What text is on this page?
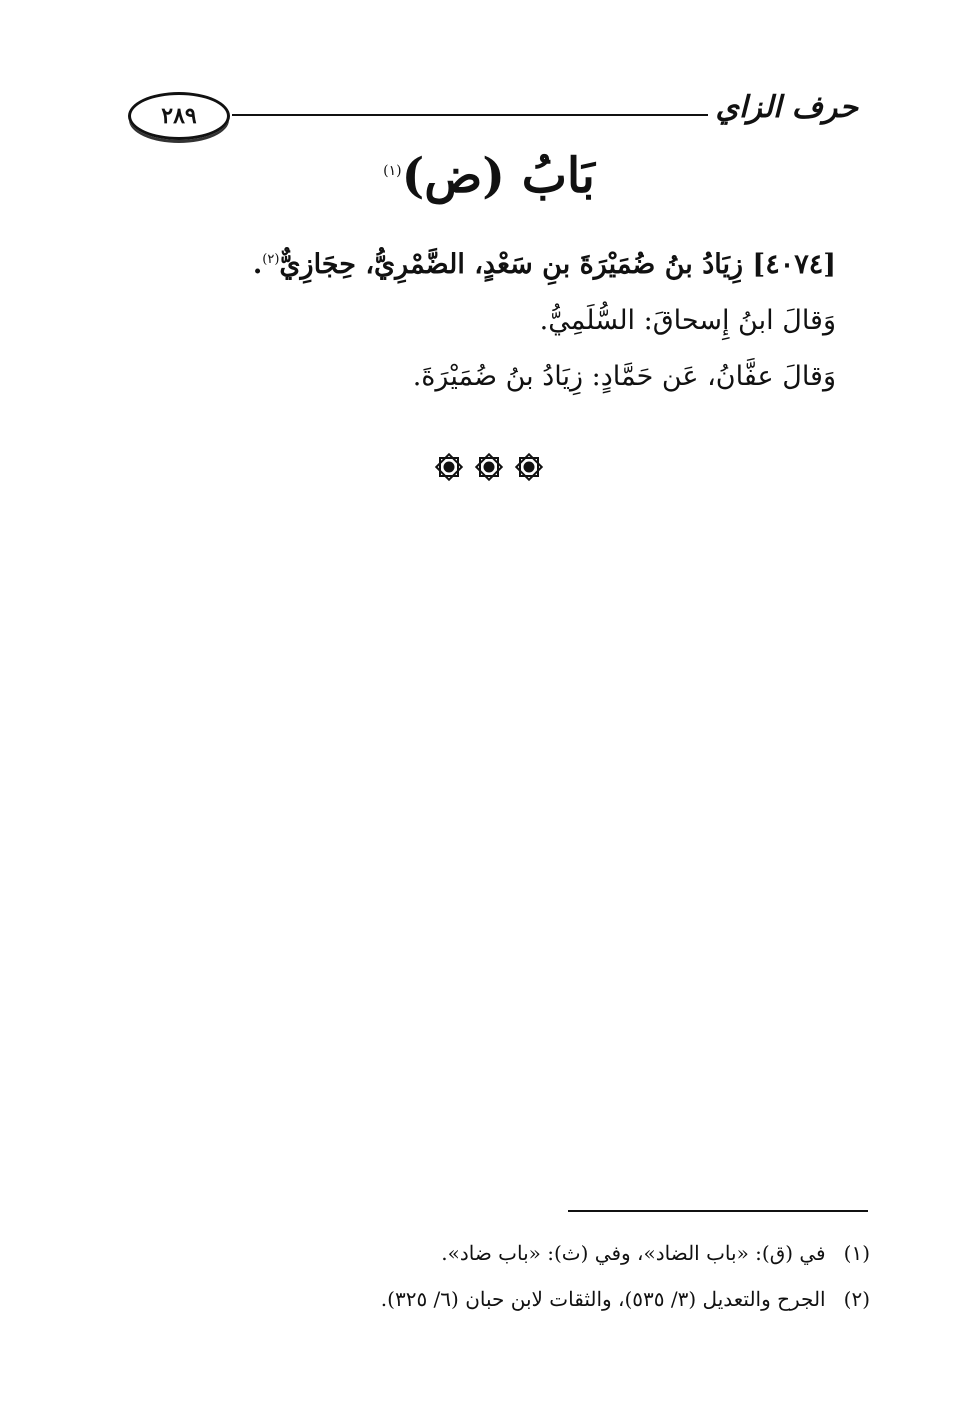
٢٨٩	حرف الزاي
بَابُ (ض)$^{(١)}$
[٤٠٧٤] زِيَادُ بنُ ضُمَيْرَةَ بنِ سَعْدٍ، الضَّمْرِيُّ، حِجَازِيٌّ$^{(٢)}$.
وَقالَ ابنُ إِسحاقَ: السُّلَمِيُّ.
وَقالَ عفَّانُ، عَن حَمَّادٍ: زِيَادُ بنُ ضُمَيْرَةَ.
(١)في (ق): «باب الضاد»، وفي (ث): «باب ضاد».
(٢)الجرح والتعديل (٣/ ٥٣٥)، والثقات لابن حبان (٦/ ٣٢٥).
